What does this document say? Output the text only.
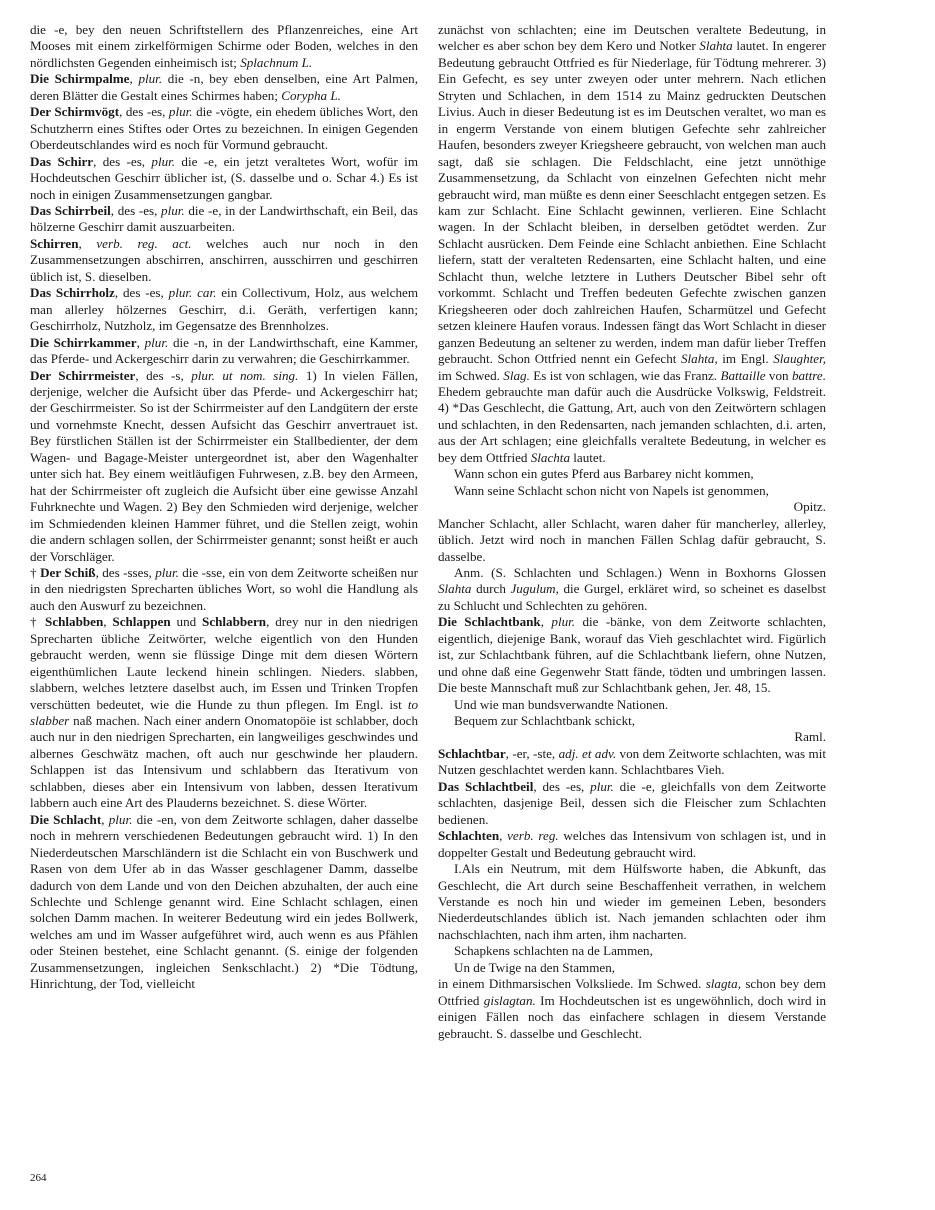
die -e, bey den neuen Schriftstellern des Pflanzenreiches, eine Art Mooses mit einem zirkelförmigen Schirme oder Boden, welches in den nördlichsten Gegenden einheimisch ist; Splachnum L.

Die Schirmpalme, plur. die -n, bey eben denselben, eine Art Palmen, deren Blätter die Gestalt eines Schirmes haben; Corypha L.

Der Schirmvögt, des -es, plur. die -vögte, ein ehedem übliches Wort, den Schutzherrn eines Stiftes oder Ortes zu bezeichnen. In einigen Gegenden Oberdeutschlandes wird es noch für Vormund gebraucht.

Das Schirr, des -es, plur. die -e, ein jetzt veraltetes Wort, wofür im Hochdeutschen Geschirr üblicher ist, (S. dasselbe und o. Schar 4.) Es ist noch in einigen Zusammensetzungen gangbar.

Das Schirrbeil, des -es, plur. die -e, in der Landwirthschaft, ein Beil, das hölzerne Geschirr damit auszuarbeiten.

Schirren, verb. reg. act. welches auch nur noch in den Zusammensetzungen abschirren, anschirren, ausschirren und geschirren üblich ist, S. dieselben.

Das Schirrholz, des -es, plur. car. ein Collectivum, Holz, aus welchem man allerley hölzernes Geschirr, d.i. Geräth, verfertigen kann; Geschirrholz, Nutzholz, im Gegensatze des Brennholzes.

Die Schirrkammer, plur. die -n, in der Landwirthschaft, eine Kammer, das Pferde- und Ackergeschirr darin zu verwahren; die Geschirrkammer.

Der Schirrmeister, des -s, plur. ut nom. sing. 1) In vielen Fällen, derjenige, welcher die Aufsicht über das Pferde- und Ackergeschirr hat; der Geschirrmeister. So ist der Schirrmeister auf den Landgütern der erste und vornehmste Knecht, dessen Aufsicht das Geschirr anvertrauet ist. Bey fürstlichen Ställen ist der Schirrmeister ein Stallbedienter, der dem Wagen- und Bagage-Meister untergeordnet ist, aber den Wagenhalter unter sich hat. Bey einem weitläufigen Fuhrwesen, z.B. bey den Armeen, hat der Schirrmeister oft zugleich die Aufsicht über eine gewisse Anzahl Fuhrknechte und Wagen. 2) Bey den Schmieden wird derjenige, welcher im Schmiedenden kleinen Hammer führet, und die Stellen zeigt, wohin die andern schlagen sollen, der Schirrmeister genannt; sonst heißt er auch der Vorschläger.

† Der Schiß, des -sses, plur. die -sse, ein von dem Zeitworte scheißen nur in den niedrigsten Sprecharten übliches Wort, so wohl die Handlung als auch den Auswurf zu bezeichnen.

† Schlabben, Schlappen und Schlabbern, drey nur in den niedrigen Sprecharten übliche Zeitwörter, welche eigentlich von den Hunden gebraucht werden, wenn sie flüssige Dinge mit dem diesen Wörtern eigenthümlichen Laute leckend hinein schlingen. Nieders. slabben, slabbern, welches letztere daselbst auch, im Essen und Trinken Tropfen verschütten bedeutet, wie die Hunde zu thun pflegen. Im Engl. ist to slabber naß machen. Nach einer andern Onomatopöie ist schlabber, doch auch nur in den niedrigen Sprecharten, ein langweiliges geschwindes und albernes Geschwätz machen, oft auch nur geschwinde her plaudern. Schlappen ist das Intensivum und schlabbern das Iterativum von schlabben, dieses aber ein Intensivum von labben, dessen Iterativum labbern auch eine Art des Plauderns bezeichnet. S. diese Wörter.

Die Schlacht, plur. die -en, von dem Zeitworte schlagen, daher dasselbe noch in mehrern verschiedenen Bedeutungen gebraucht wird. 1) In den Niederdeutschen Marschländern ist die Schlacht ein von Buschwerk und Rasen von dem Ufer ab in das Wasser geschlagener Damm, dasselbe dadurch von dem Lande und von den Deichen abzuhalten, der auch eine Schlechte und Schlenge genannt wird. Eine Schlacht schlagen, einen solchen Damm machen. In weiterer Bedeutung wird ein jedes Bollwerk, welches am und im Wasser aufgeführet wird, auch wenn es aus Pfählen oder Steinen bestehet, eine Schlacht genannt. (S. einige der folgenden Zusammensetzungen, ingleichen Senkschlacht.) 2) *Die Tödtung, Hinrichtung, der Tod, vielleicht

zunächst von schlachten; eine im Deutschen veraltete Bedeutung, in welcher es aber schon bey dem Kero und Notker Slahta lautet. In engerer Bedeutung gebraucht Ottfried es für Niederlage, für Tödtung mehrerer. 3) Ein Gefecht, es sey unter zweyen oder unter mehrern. Nach etlichen Stryten und Schlachen, in dem 1514 zu Mainz gedruckten Deutschen Livius. Auch in dieser Bedeutung ist es im Deutschen veraltet, wo man es in engerm Verstande von einem blutigen Gefechte sehr zahlreicher Haufen, besonders zweyer Kriegsheere gebraucht, von welchen man auch sagt, daß sie schlagen. Die Feldschlacht, eine jetzt unnöthige Zusammensetzung, da Schlacht von einzelnen Gefechten nicht mehr gebraucht wird, man müßte es denn einer Seeschlacht entgegen setzen. Es kam zur Schlacht. Eine Schlacht gewinnen, verlieren. Eine Schlacht wagen. In der Schlacht bleiben, in derselben getödtet werden. Zur Schlacht ausrücken. Dem Feinde eine Schlacht anbiethen. Eine Schlacht liefern, statt der veralteten Redensarten, eine Schlacht halten, und eine Schlacht thun, welche letztere in Luthers Deutscher Bibel sehr oft vorkommt. Schlacht und Treffen bedeuten Gefechte zwischen ganzen Kriegsheeren oder doch zahlreichen Haufen, Scharmützel und Gefecht setzen kleinere Haufen voraus. Indessen fängt das Wort Schlacht in dieser ganzen Bedeutung an seltener zu werden, indem man dafür lieber Treffen gebraucht. Schon Ottfried nennt ein Gefecht Slahta, im Engl. Slaughter, im Schwed. Slag. Es ist von schlagen, wie das Franz. Battaille von battre. Ehedem gebrauchte man dafür auch die Ausdrücke Volkswig, Feldstreit. 4) *Das Geschlecht, die Gattung, Art, auch von den Zeitwörtern schlagen und schlachten, in den Redensarten, nach jemanden schlachten, d.i. arten, aus der Art schlagen; eine gleichfalls veraltete Bedeutung, in welcher es bey dem Ottfried Slachta lautet.

Wann schon ein gutes Pferd aus Barbarey nicht kommen,

Wann seine Schlacht schon nicht von Napels ist genommen,

Opitz.

Mancher Schlacht, aller Schlacht, waren daher für mancherley, allerley, üblich. Jetzt wird noch in manchen Fällen Schlag dafür gebraucht, S. dasselbe.

Anm. (S. Schlachten und Schlagen.) Wenn in Boxhorns Glossen Slahta durch Jugulum, die Gurgel, erkläret wird, so scheinet es daselbst zu Schlucht und Schlechten zu gehören.

Die Schlachtbank, plur. die -bänke, von dem Zeitworte schlachten, eigentlich, diejenige Bank, worauf das Vieh geschlachtet wird. Figürlich ist, zur Schlachtbank führen, auf die Schlachtbank liefern, ohne Nutzen, und ohne daß eine Gegenwehr Statt fände, tödten und umbringen lassen. Die beste Mannschaft muß zur Schlachtbank gehen, Jer. 48, 15.

Und wie man bundsverwandte Nationen.

Bequem zur Schlachtbank schickt,

Raml.

Schlachtbar, -er, -ste, adj. et adv. von dem Zeitworte schlachten, was mit Nutzen geschlachtet werden kann. Schlachtbares Vieh.

Das Schlachtbeil, des -es, plur. die -e, gleichfalls von dem Zeitworte schlachten, dasjenige Beil, dessen sich die Fleischer zum Schlachten bedienen.

Schlachten, verb. reg. welches das Intensivum von schlagen ist, und in doppelter Gestalt und Bedeutung gebraucht wird.

I.Als ein Neutrum, mit dem Hülfsworte haben, die Abkunft, das Geschlecht, die Art durch seine Beschaffenheit verrathen, in welchem Verstande es noch hin und wieder im gemeinen Leben, besonders Niederdeutschlandes üblich ist. Nach jemanden schlachten oder ihm nachschlachten, nach ihm arten, ihm nacharten.

Schapkens schlachten na de Lammen,

Un de Twige na den Stammen,

in einem Dithmarsischen Volksliede. Im Schwed. slagta, schon bey dem Ottfried gislagtan. Im Hochdeutschen ist es ungewöhnlich, doch wird in einigen Fällen noch das einfachere schlagen in diesem Verstande gebraucht. S. dasselbe und Geschlecht.

264
